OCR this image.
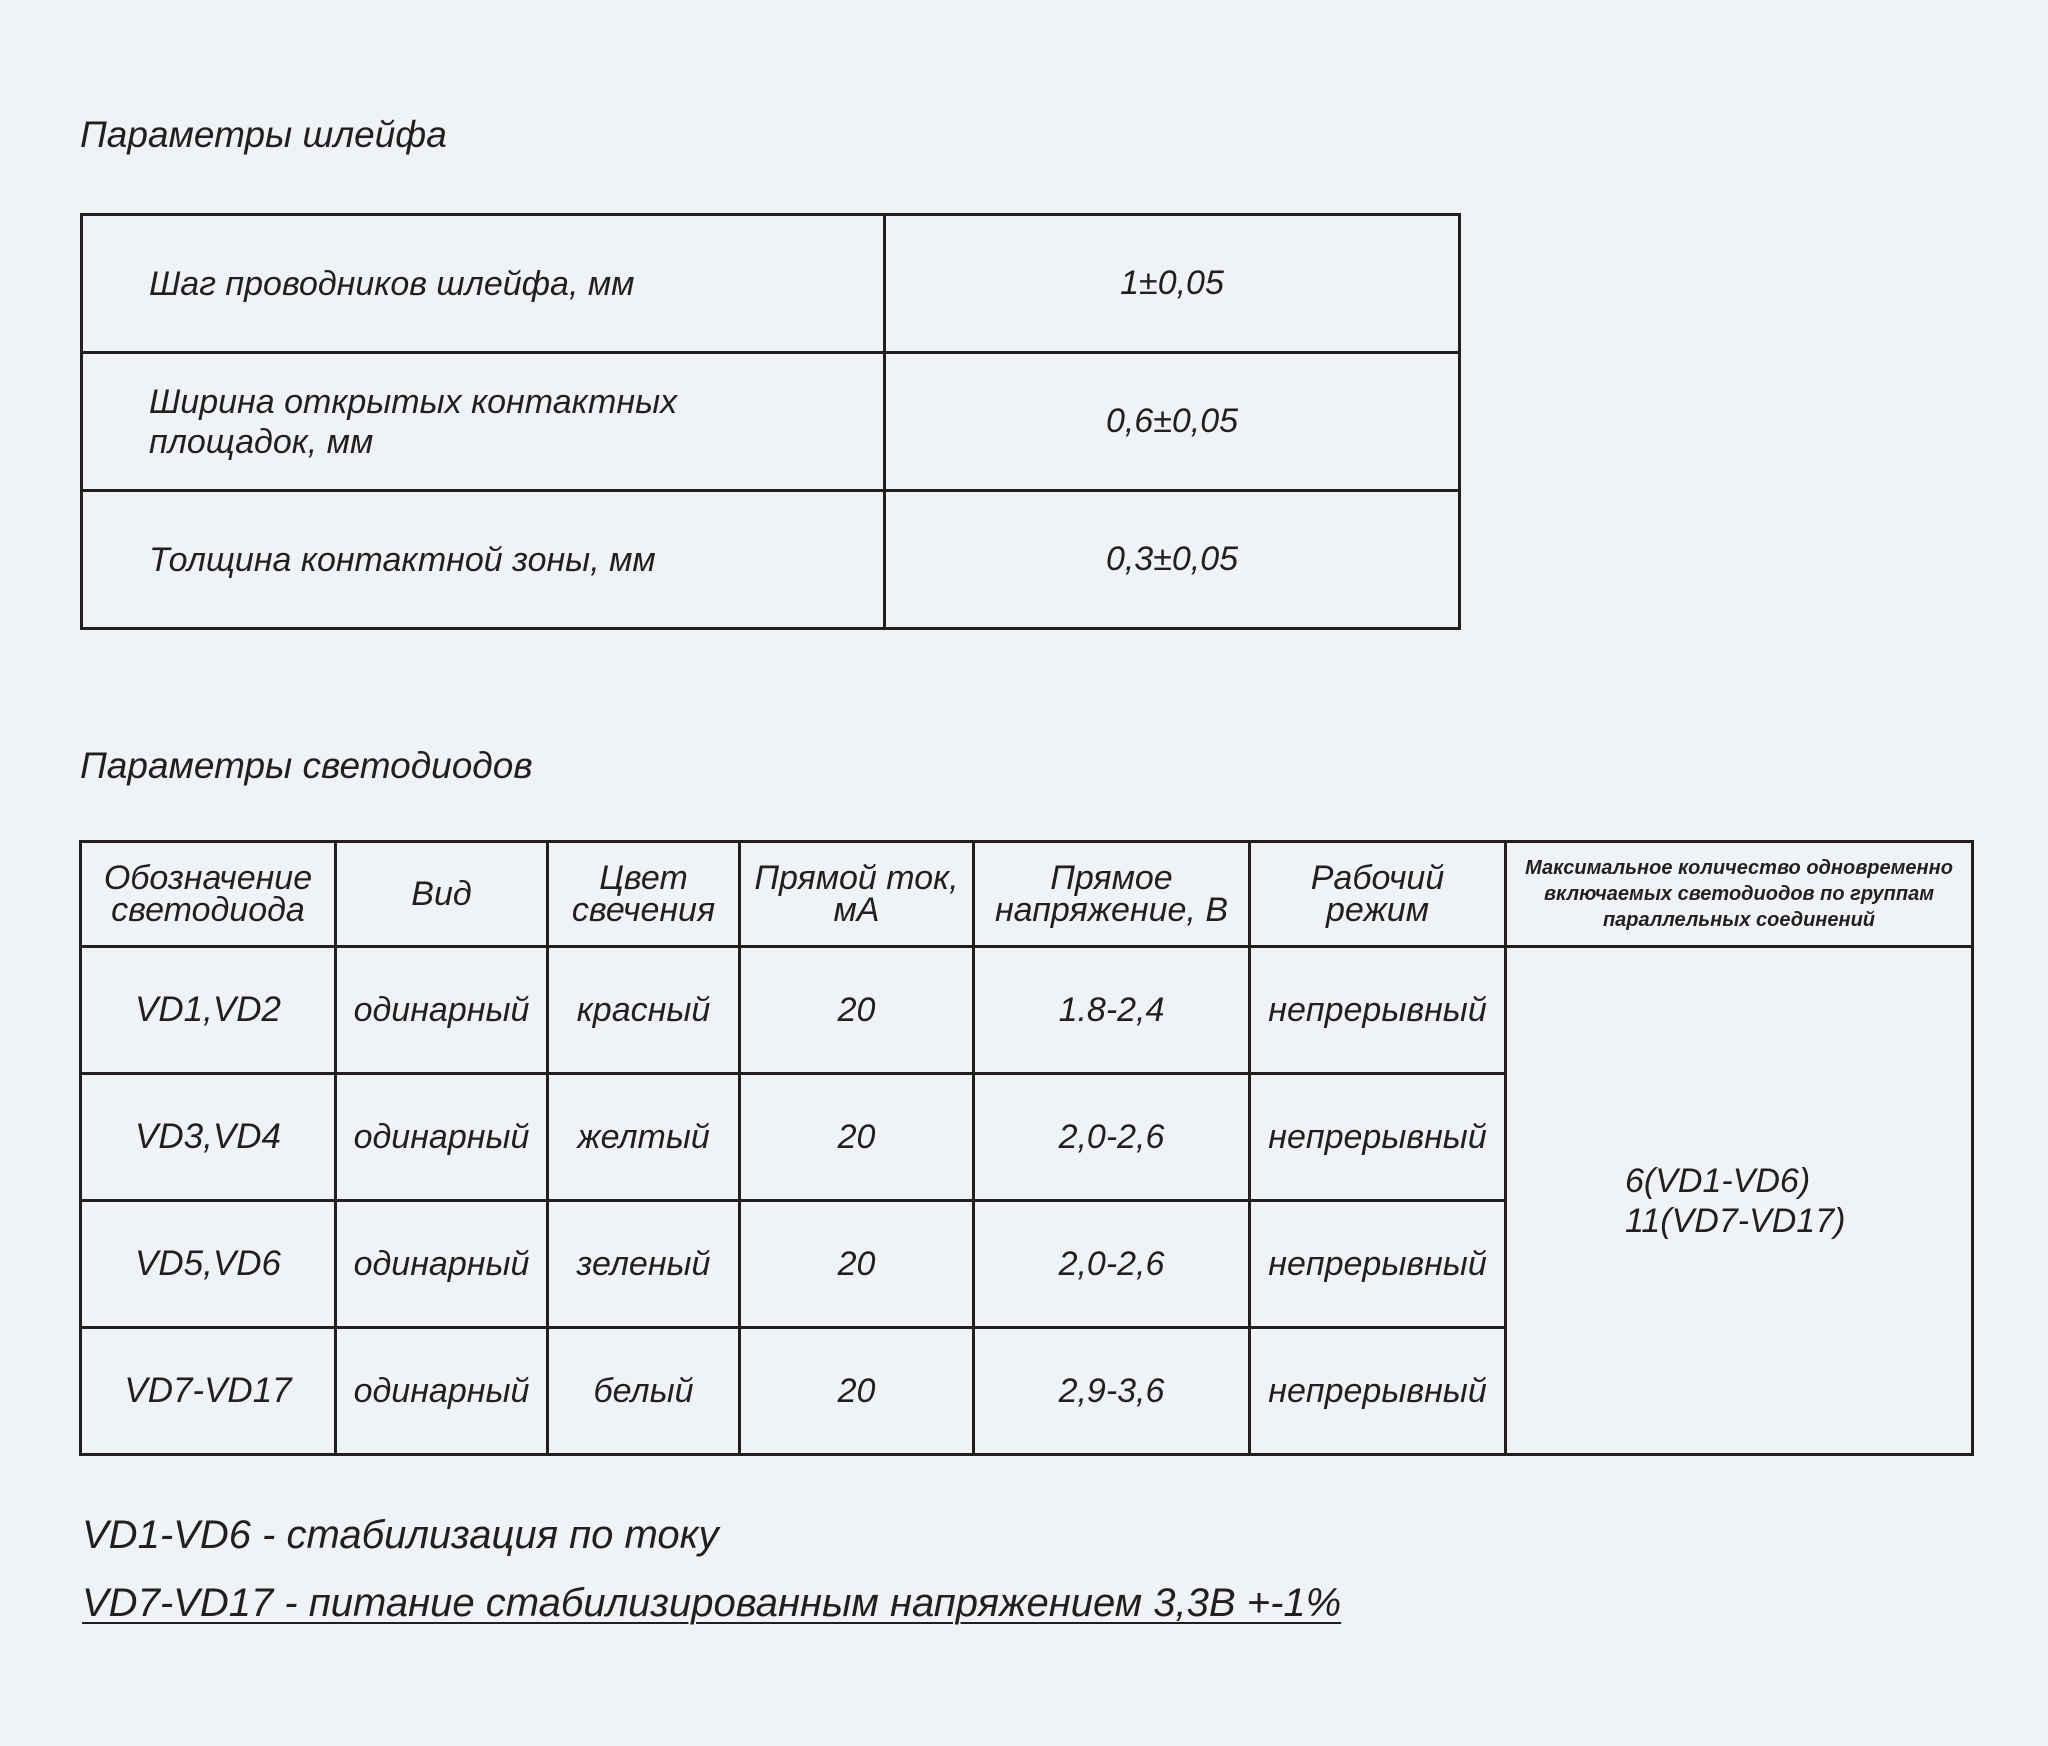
Параметры шлейфа
Шаг проводников шлейфа, мм	1±0,05
Ширина открытых контактных площадок, мм	0,6±0,05
Толщина контактной зоны, мм	0,3±0,05
Параметры светодиодов
Обозначение светодиода	Вид	Цвет свечения	Прямой ток, мА	Прямое напряжение, В	Рабочий режим	Максимальное количество одновременно включаемых светодиодов по группам параллельных соединений
VD1,VD2	одинарный	красный	20	1.8-2,4	непрерывный	6(VD1-VD6)
11(VD7-VD17)

VD3,VD4	одинарный	желтый	20	2,0-2,6	непрерывный	
VD5,VD6	одинарный	зеленый	20	2,0-2,6	непрерывный	
VD7-VD17	одинарный	белый	20	2,9-3,6	непрерывный	

VD1-VD6 - стабилизация по току

VD7-VD17 - питание стабилизированным напряжением 3,3В +-1%
